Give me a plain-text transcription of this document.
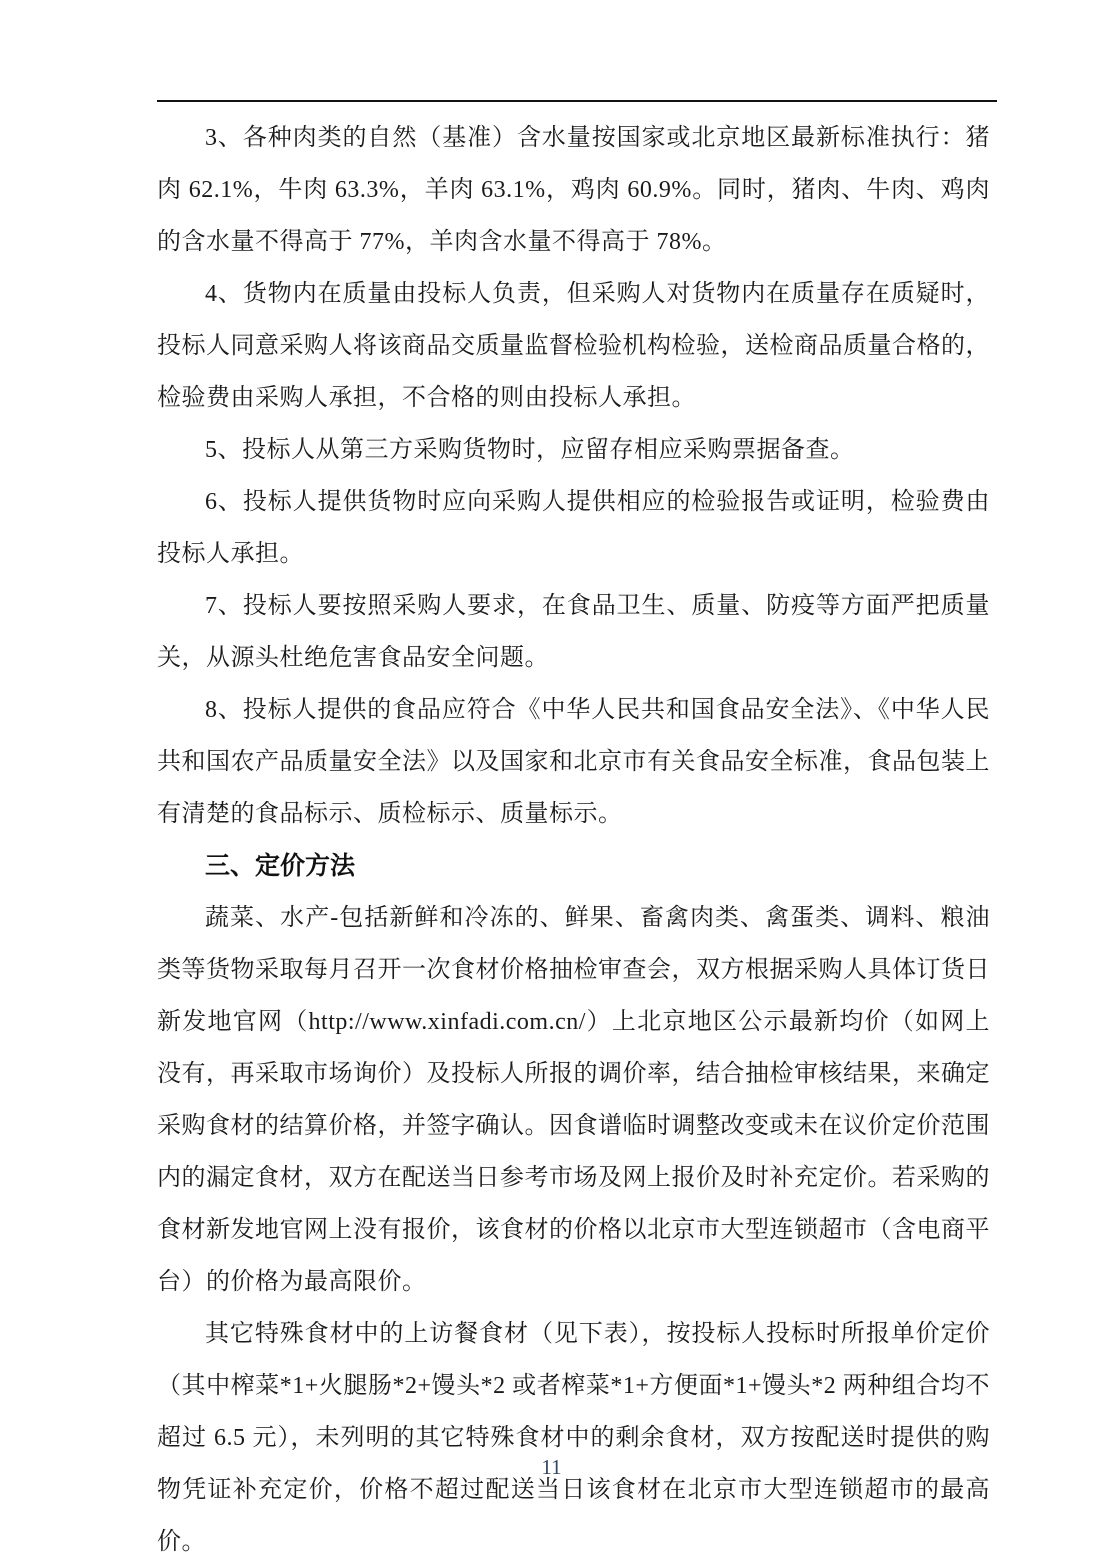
3、各种肉类的自然（基准）含水量按国家或北京地区最新标准执行：猪肉 62.1%，牛肉 63.3%，羊肉 63.1%，鸡肉 60.9%。同时，猪肉、牛肉、鸡肉的含水量不得高于 77%，羊肉含水量不得高于 78%。

4、货物内在质量由投标人负责，但采购人对货物内在质量存在质疑时，投标人同意采购人将该商品交质量监督检验机构检验，送检商品质量合格的，检验费由采购人承担，不合格的则由投标人承担。

5、投标人从第三方采购货物时，应留存相应采购票据备查。

6、投标人提供货物时应向采购人提供相应的检验报告或证明，检验费由投标人承担。

7、投标人要按照采购人要求，在食品卫生、质量、防疫等方面严把质量关，从源头杜绝危害食品安全问题。

8、投标人提供的食品应符合《中华人民共和国食品安全法》、《中华人民共和国农产品质量安全法》以及国家和北京市有关食品安全标准，食品包装上有清楚的食品标示、质检标示、质量标示。

三、定价方法

蔬菜、水产-包括新鲜和冷冻的、鲜果、畜禽肉类、禽蛋类、调料、粮油类等货物采取每月召开一次食材价格抽检审查会，双方根据采购人具体订货日新发地官网（http://www.xinfadi.com.cn/）上北京地区公示最新均价（如网上没有，再采取市场询价）及投标人所报的调价率，结合抽检审核结果，来确定采购食材的结算价格，并签字确认。因食谱临时调整改变或未在议价定价范围内的漏定食材，双方在配送当日参考市场及网上报价及时补充定价。若采购的食材新发地官网上没有报价，该食材的价格以北京市大型连锁超市（含电商平台）的价格为最高限价。

其它特殊食材中的上访餐食材（见下表），按投标人投标时所报单价定价（其中榨菜*1+火腿肠*2+馒头*2 或者榨菜*1+方便面*1+馒头*2 两种组合均不超过 6.5 元），未列明的其它特殊食材中的剩余食材，双方按配送时提供的购物凭证补充定价，价格不超过配送当日该食材在北京市大型连锁超市的最高价。

11
